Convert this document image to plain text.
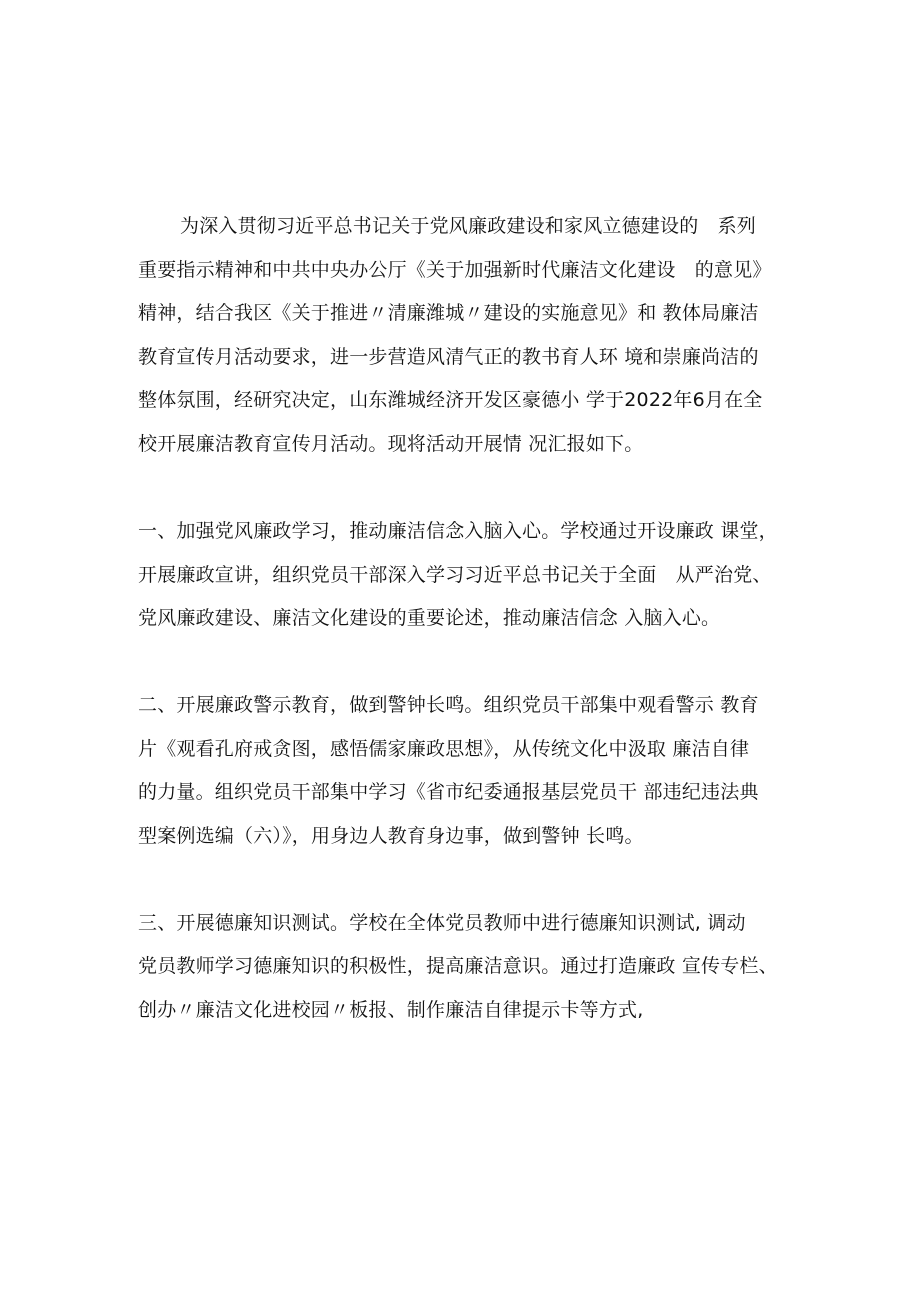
为深入贯彻习近平总书记关于党风廉政建设和家风立德建设的　系列

重要指示精神和中共中央办公厅《关于加强新时代廉洁文化建设　的意见》

精神，结合我区《关于推进〃清廉潍城〃建设的实施意见》和 教体局廉洁

教育宣传月活动要求，进一步营造风清气正的教书育人环 境和崇廉尚洁的

整体氛围，经研究决定，山东潍城经济开发区豪德小 学于2022年6月在全

校开展廉洁教育宣传月活动。现将活动开展情 况汇报如下。

一、加强党风廉政学习，推动廉洁信念入脑入心。学校通过开设廉政 课堂，

开展廉政宣讲，组织党员干部深入学习习近平总书记关于全面　从严治党、

党风廉政建设、廉洁文化建设的重要论述，推动廉洁信念 入脑入心。

二、开展廉政警示教育，做到警钟长鸣。组织党员干部集中观看警示 教育

片《观看孔府戒贪图，感悟儒家廉政思想》，从传统文化中汲取 廉洁自律

的力量。组织党员干部集中学习《省市纪委通报基层党员干 部违纪违法典

型案例选编（六）》，用身边人教育身边事，做到警钟 长鸣。

三、开展德廉知识测试。学校在全体党员教师中进行德廉知识测试, 调动

党员教师学习德廉知识的积极性，提高廉洁意识。通过打造廉政 宣传专栏、

创办〃廉洁文化进校园〃板报、制作廉洁自律提示卡等方式,
